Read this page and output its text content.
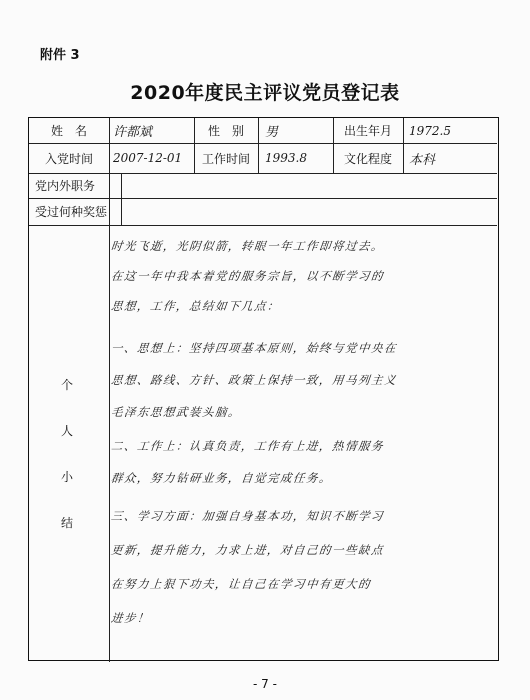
附件 3
2020年度民主评议党员登记表
姓　名	许都斌	性　别	男	出生年月	1972.5
入党时间	2007-12-01	工作时间	1993.8	文化程度	本科
党内外职务
受过何种奖惩
个
人
小
结
时光飞逝，光阴似箭，转眼一年工作即将过去。
在这一年中我本着党的服务宗旨，以不断学习的
思想，工作，总结如下几点：
一、思想上：坚持四项基本原则，始终与党中央在
思想、路线、方针、政策上保持一致，用马列主义
毛泽东思想武装头脑。
二、工作上：认真负责，工作有上进，热情服务
群众，努力钻研业务，自觉完成任务。
三、学习方面：加强自身基本功，知识不断学习
更新，提升能力，力求上进，对自己的一些缺点
在努力上狠下功夫，让自己在学习中有更大的
进步！
- 7 -
